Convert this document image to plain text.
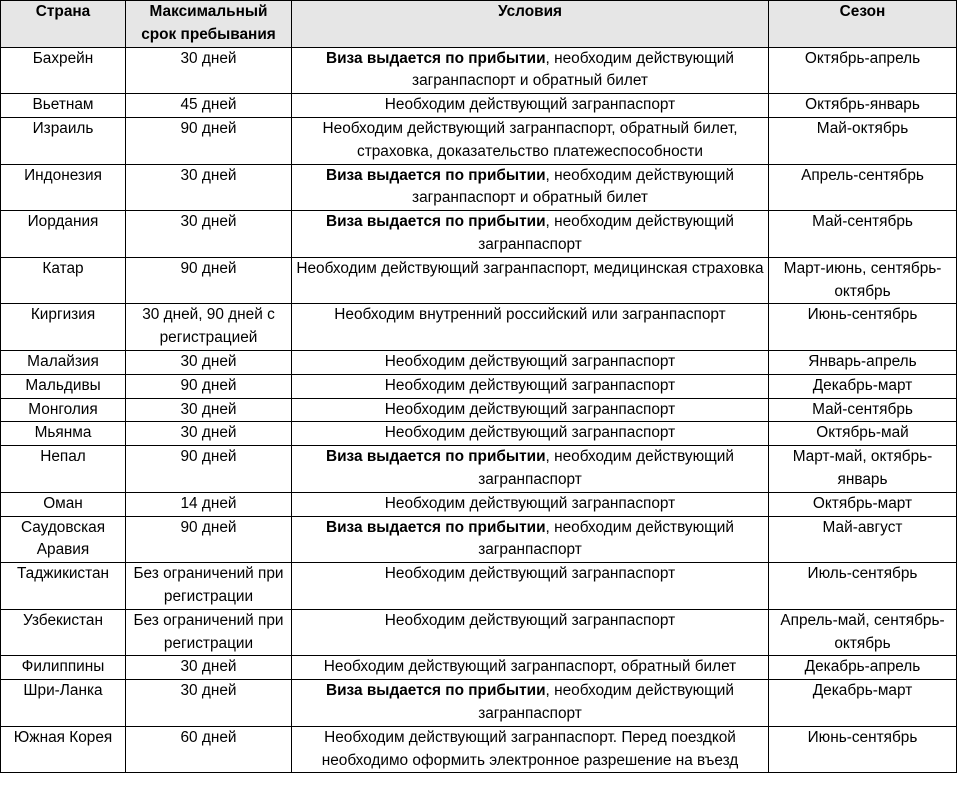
Страна	Максимальный срок пребывания	Условия	Сезон
Бахрейн	30 дней	Виза выдается по прибытии, необходим действующий загранпаспорт и обратный билет	Октябрь-апрель
Вьетнам	45 дней	Необходим действующий загранпаспорт	Октябрь-январь
Израиль	90 дней	Необходим действующий загранпаспорт, обратный билет, страховка, доказательство платежеспособности	Май-октябрь
Индонезия	30 дней	Виза выдается по прибытии, необходим действующий загранпаспорт и обратный билет	Апрель-сентябрь
Иордания	30 дней	Виза выдается по прибытии, необходим действующий загранпаспорт	Май-сентябрь
Катар	90 дней	Необходим действующий загранпаспорт, медицинская страховка	Март-июнь, сентябрь-октябрь
Киргизия	30 дней, 90 дней с регистрацией	Необходим внутренний российский или загранпаспорт	Июнь-сентябрь
Малайзия	30 дней	Необходим действующий загранпаспорт	Январь-апрель
Мальдивы	90 дней	Необходим действующий загранпаспорт	Декабрь-март
Монголия	30 дней	Необходим действующий загранпаспорт	Май-сентябрь
Мьянма	30 дней	Необходим действующий загранпаспорт	Октябрь-май
Непал	90 дней	Виза выдается по прибытии, необходим действующий загранпаспорт	Март-май, октябрь-январь
Оман	14 дней	Необходим действующий загранпаспорт	Октябрь-март
Саудовская Аравия	90 дней	Виза выдается по прибытии, необходим действующий загранпаспорт	Май-август
Таджикистан	Без ограничений при регистрации	Необходим действующий загранпаспорт	Июль-сентябрь
Узбекистан	Без ограничений при регистрации	Необходим действующий загранпаспорт	Апрель-май, сентябрь-октябрь
Филиппины	30 дней	Необходим действующий загранпаспорт, обратный билет	Декабрь-апрель
Шри-Ланка	30 дней	Виза выдается по прибытии, необходим действующий загранпаспорт	Декабрь-март
Южная Корея	60 дней	Необходим действующий загранпаспорт. Перед поездкой необходимо оформить электронное разрешение на въезд	Июнь-сентябрь
